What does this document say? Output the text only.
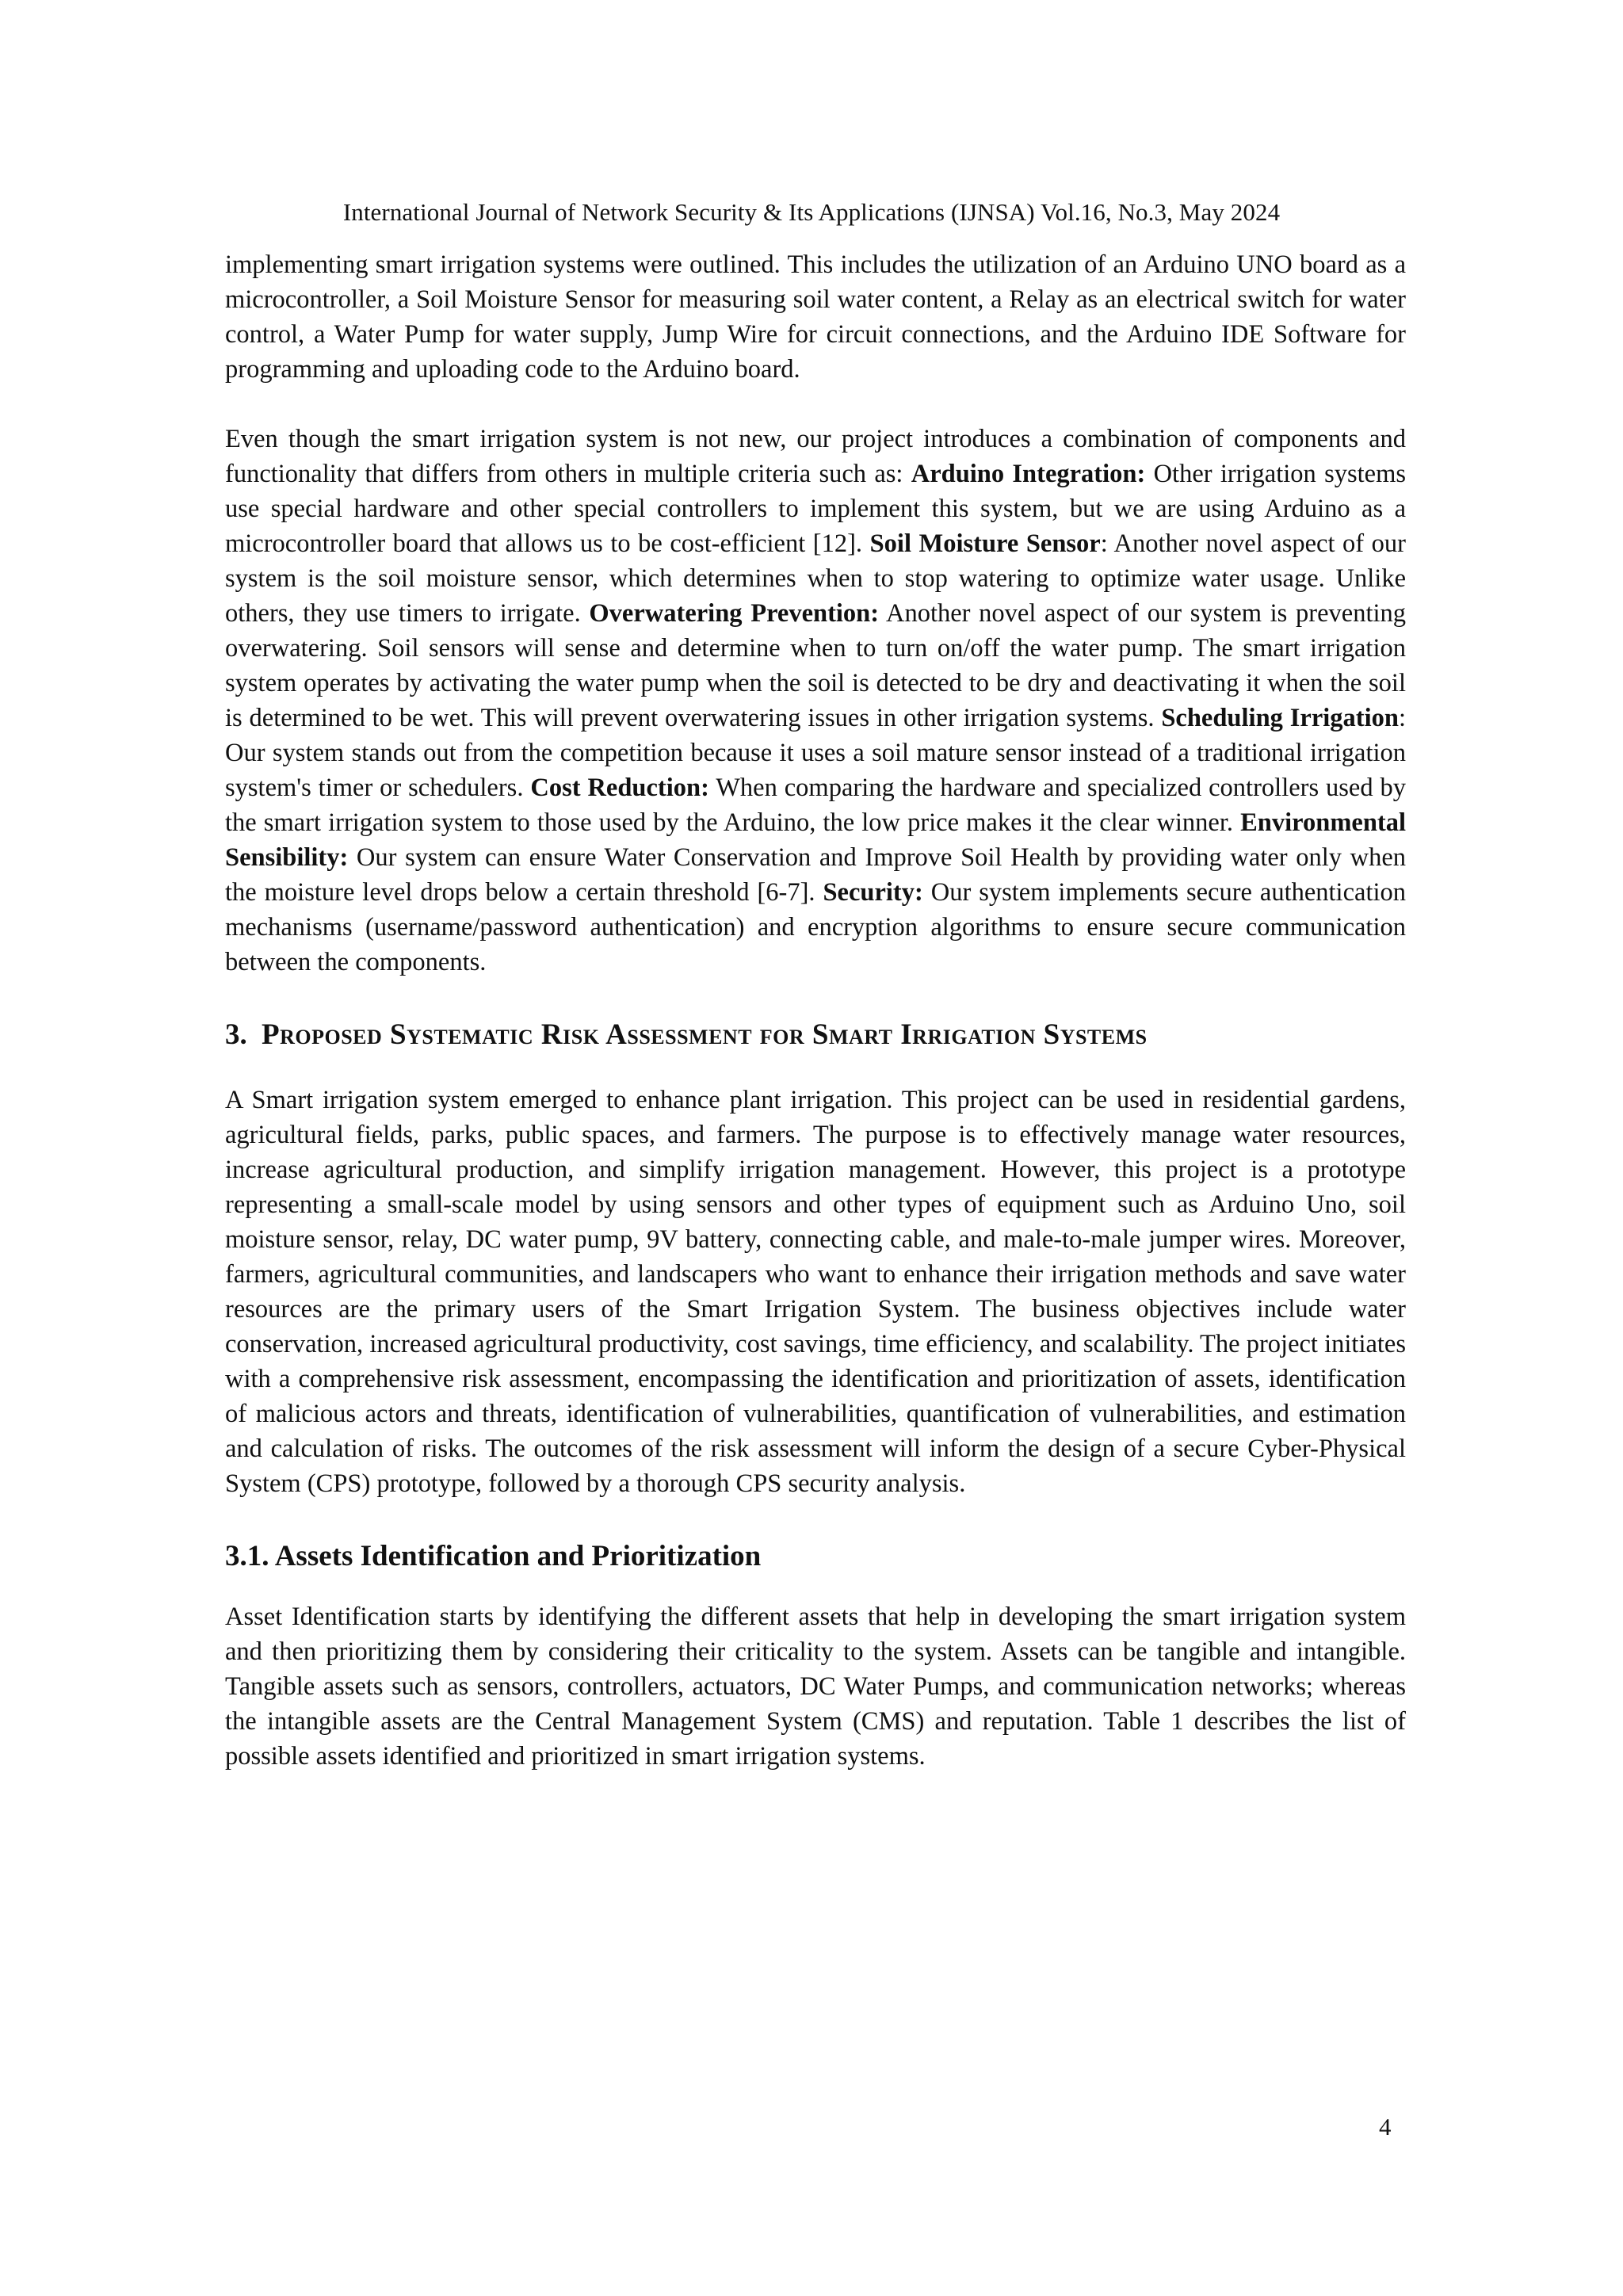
International Journal of Network Security & Its Applications (IJNSA) Vol.16, No.3, May 2024

implementing smart irrigation systems were outlined. This includes the utilization of an Arduino UNO board as a microcontroller, a Soil Moisture Sensor for measuring soil water content, a Relay as an electrical switch for water control, a Water Pump for water supply, Jump Wire for circuit connections, and the Arduino IDE Software for programming and uploading code to the Arduino board.

Even though the smart irrigation system is not new, our project introduces a combination of components and functionality that differs from others in multiple criteria such as: Arduino Integration: Other irrigation systems use special hardware and other special controllers to implement this system, but we are using Arduino as a microcontroller board that allows us to be cost-efficient [12]. Soil Moisture Sensor: Another novel aspect of our system is the soil moisture sensor, which determines when to stop watering to optimize water usage. Unlike others, they use timers to irrigate. Overwatering Prevention: Another novel aspect of our system is preventing overwatering. Soil sensors will sense and determine when to turn on/off the water pump. The smart irrigation system operates by activating the water pump when the soil is detected to be dry and deactivating it when the soil is determined to be wet. This will prevent overwatering issues in other irrigation systems. Scheduling Irrigation: Our system stands out from the competition because it uses a soil mature sensor instead of a traditional irrigation system's timer or schedulers. Cost Reduction: When comparing the hardware and specialized controllers used by the smart irrigation system to those used by the Arduino, the low price makes it the clear winner. Environmental Sensibility: Our system can ensure Water Conservation and Improve Soil Health by providing water only when the moisture level drops below a certain threshold [6-7]. Security: Our system implements secure authentication mechanisms (username/password authentication) and encryption algorithms to ensure secure communication between the components.

3. Proposed Systematic Risk Assessment for Smart Irrigation Systems

A Smart irrigation system emerged to enhance plant irrigation. This project can be used in residential gardens, agricultural fields, parks, public spaces, and farmers. The purpose is to effectively manage water resources, increase agricultural production, and simplify irrigation management. However, this project is a prototype representing a small-scale model by using sensors and other types of equipment such as Arduino Uno, soil moisture sensor, relay, DC water pump, 9V battery, connecting cable, and male-to-male jumper wires. Moreover, farmers, agricultural communities, and landscapers who want to enhance their irrigation methods and save water resources are the primary users of the Smart Irrigation System. The business objectives include water conservation, increased agricultural productivity, cost savings, time efficiency, and scalability. The project initiates with a comprehensive risk assessment, encompassing the identification and prioritization of assets, identification of malicious actors and threats, identification of vulnerabilities, quantification of vulnerabilities, and estimation and calculation of risks. The outcomes of the risk assessment will inform the design of a secure Cyber-Physical System (CPS) prototype, followed by a thorough CPS security analysis.

3.1. Assets Identification and Prioritization

Asset Identification starts by identifying the different assets that help in developing the smart irrigation system and then prioritizing them by considering their criticality to the system. Assets can be tangible and intangible. Tangible assets such as sensors, controllers, actuators, DC Water Pumps, and communication networks; whereas the intangible assets are the Central Management System (CMS) and reputation. Table 1 describes the list of possible assets identified and prioritized in smart irrigation systems.

4
